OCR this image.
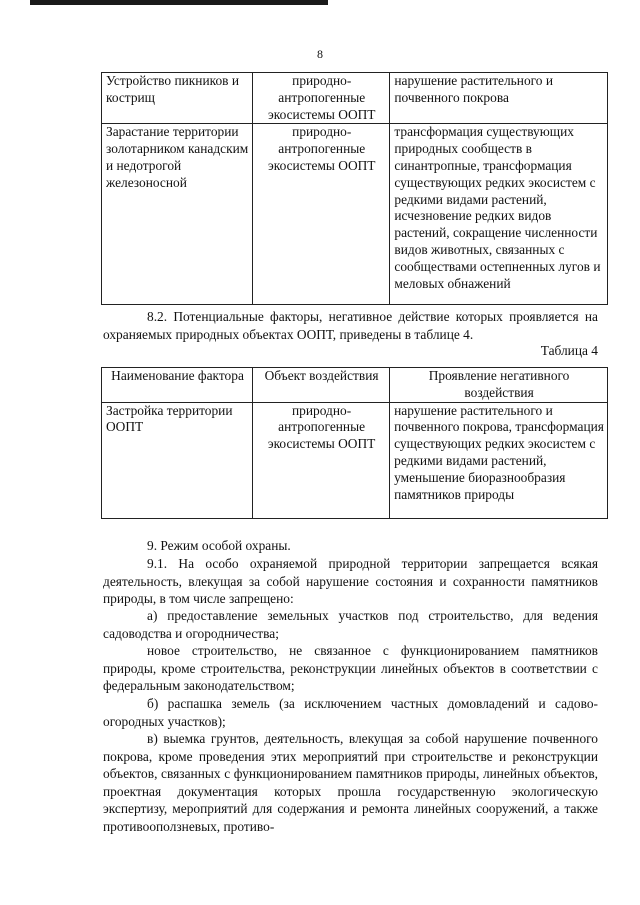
8
Устройство пикников и кострищ	природно-антропогенные экосистемы ООПТ	нарушение растительного и почвенного покрова
Зарастание территории золотарником канадским и недотрогой железоносной	природно-антропогенные экосистемы ООПТ	трансформация существующих природных сообществ в синантропные, трансформация существующих редких экосистем с редкими видами растений, исчезновение редких видов растений, сокращение численности видов животных, связанных с сообществами остепненных лугов и меловых обнажений
8.2. Потенциальные факторы, негативное действие которых проявляется на охраняемых природных объектах ООПТ, приведены в таблице 4.
Таблица 4
Наименование фактора	Объект воздействия	Проявление негативного воздействия
Застройка территории ООПТ	природно-антропогенные экосистемы ООПТ	нарушение растительного и почвенного покрова, трансформация существующих редких экосистем с редкими видами растений, уменьшение биоразнообразия памятников природы
9. Режим особой охраны.
9.1. На особо охраняемой природной территории запрещается всякая деятельность, влекущая за собой нарушение состояния и сохранности памятников природы, в том числе запрещено:
а) предоставление земельных участков под строительство, для ведения садоводства и огородничества;
новое строительство, не связанное с функционированием памятников природы, кроме строительства, реконструкции линейных объектов в соответствии с федеральным законодательством;
б) распашка земель (за исключением частных домовладений и садово-огородных участков);
в) выемка грунтов, деятельность, влекущая за собой нарушение почвенного покрова, кроме проведения этих мероприятий при строительстве и реконструкции объектов, связанных с функционированием памятников природы, линейных объектов, проектная документация которых прошла государственную экологическую экспертизу, мероприятий для содержания и ремонта линейных сооружений, а также противооползневых, противо-
